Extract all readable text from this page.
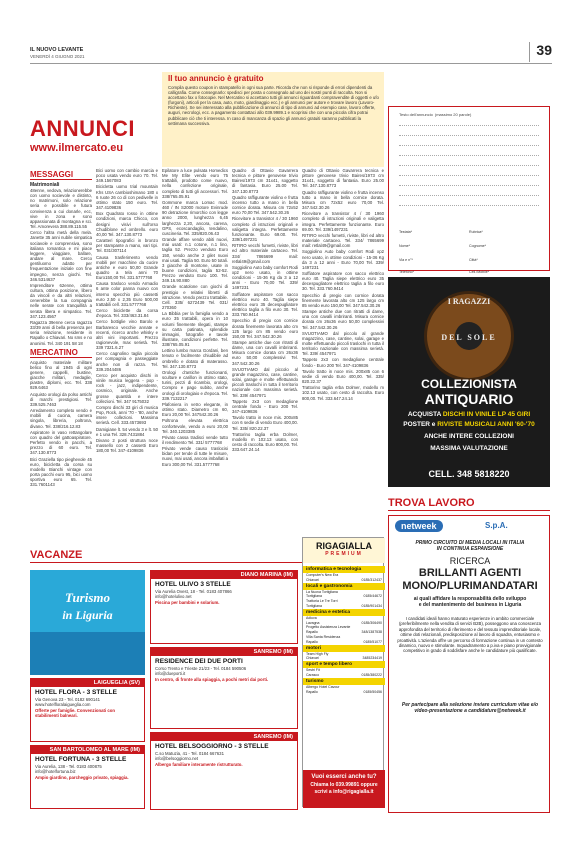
IL NUOVO LEVANTE
VENERDÌ 4 GIUGNO 2021	39
ANNUNCI
www.ilmercato.eu
Il tuo annuncio è gratuito

Compila questo coupon in stampatello in ogni sua parte. Ricorda che non si risponde di errori dipendenti da calligrafia. Come consegnarlo: spedisci per posta o consegnalo ad uno dei nostri punti di raccolta. Non si accettano fax o fotocopie. Nel Mercatino si accettano tutti gli annunci riguardanti compravendite di oggetti e ufo (furgoni), articoli per la casa, auto, moto, giardinaggio ecc.) e gli annunci per autore e trovare lavoro (Lavoro-Richieste). Se sei interessato alla pubblicazione di annunci di tipo di annunci ad esempio case, lavoro offerte, auguri, necrologi, ecc. a pagamento contattaci allo 039.9989.1 e scoprirai che con una piccola cifra potrai pubblicare ciò che ti interessa. In caso di mancanza di spazio gli annunci gratuiti saranno pubblicati la settimana successiva.

Testo dell'annuncio (massimo 20 parole)
Testata*	Rubrica*
Nome*	Cognome*
Via e n°*	Città*
Telefono*	Cell./Mobile*
MESSAGGI
Matrimoniali
48enne, vedova, relazionerebbe con uomo socievole e distinto, no matrimoni, solo relazione seria e possibile e futura convivenza a cui donarle, ecc, vive in zona e sono appassionata di montagna e sci. Tel. Amorevera 388.89.115.55
Cerco l'altra metà della mela. Janette 35 anni nubile simpatica sociavole e comprensiva, sono italiana romantica e mi piace leggere, viaggiare, ballare, andare al mare. Cerco gentiluomo adatto per frequentazione iniziale con fine impegno, senza giochi. Tel. 346.5314637
Imprenditore 62enne, ottima cultura, ottima posizione, libero da vincoli e da altri relazioni, cenerebbe la tua compagnia nelle serate con tranquillità a serata libera e simpatico. Tel. 347.123.4567
Ragazza 39enne cerca ragazza 33/39 anni di bella presenza per seria relazione, residente in Rapallo o Chiavari. No sms e no anonimi. Tel. 340 191 58 18
MERCATINO
Acquisto materiale militare belico fino al 1945 di ogni genere, cappelli, bustine, giacche militari, medaglie, piastre, diplomi, ecc. Tel. 338 929.6463
Acquisto orologi da polso antichi di marchi prestigiosi. Tel. 339.525.7463
Arredamento completo vendo e mobili di cucina, camera singola, libreria, poltrona, divano. Tel. 338/216.12.83
Aspiratore in vaso rettangolare con quadro del gattoaspiratore. Perfetto vendo in pacchi, a prezzo di 60 euro. Tel. 347.130.8773
Bici Graziella tipo pieghevole 45 euro, bicicletta da corsa su modello Bianchi vintage con porta pacchi euro 95, bici uomo sportiva euro 65. Tel. 331.7601143
Bici uomo con cambio marcia e poco usata vendo euro 70. Tel. 349.1567083
Bicicletta uomo trial mountain Khs USA cambioshimano 180 x 6 ruote 26 co di con pedivelle in ottimo stato 150 euro. Tel. 347.4109836
Box Quadrato rosso in ottime condizioni, marca Chicco, con designi visivi sull'orso Chudiblone ed ombrello. euro 40,00 Tel. 347.130.8773
Caratteri tipografici in bronzo per stampante a mano, vari tipi. Tel. 031/307114
Causa trasferimento vendo mobili per macchine da cucire antiche e euro 50,00 Grande quadro a tela anni 70 Euro150,00 Tel. 331.5777768
Causa trasloco vendo Armadio 6 ante color panna nuovo con interno specchio più cassetti euro 2,50 x 2,35 Euro 500,00 trattabili cell. 331.5777768
Cerco biciclette da corsa d'epoca. Tel. 333/463.31.84
Cerco bottiglie vino Barolo e Barbaresco vecchie annate e recenti, ricerco anche whisky e altri vini importanti. Prezzo ragionevole, max serietà. Tel. 339 7321.6.27
Cerco cagnolino taglia piccola per compagnia e passeggiate anche non di razza. Tel. 339.2044486
Cerco per acquisto dischi in vinile musica leggera - pop - rock - jazz, indipendente, cosmico, originale. Anche grosse quantità e intere collezioni. Tel. 347 9175032
Compro dischi 33 giri di musica Pop, Rock, anni '70 - '80, anche intere collezioni. Massima serietà. Cell. 333.4573693
Damigiane lt. 54 vendo 3 e lt. 50 e 1 una Tel. 328.7431884
Divano 2 posti struttura noce massello con 2 cassetti Euro 180,00 Tel. 347-4109836
Epilatore a luce pulsata Homedics Me My Elite vendo euro 75 trattabili, prodotto come nuovo, nella confezione originale, completo di tutti gli accessori. Tel. 338/765.05.91
Gommone marca Lomac mod. 460 / IN S2000 motore Evinrude 90 detrazione rimorchio con legge anno 2000, lunghezza 6,45 larghezza 2,20, ancora, carena, GPS, ecoscandaglio, tendalino, cuscineria. Tel. 335/820.06.43
Grande affare vendo abiti nuovi, mai usati: n.1 cotone, n.1 lino, taglia 52. Prezzo venduto Euro 150, vendo anche 2 gilet nuovi mai usati. Taglia 50. Euro 50 totali. 3 giacche di montone, usate in buone condizioni, taglia 52-52. Prezzo venduto Euro 100. Tel. 349.16.90.880
Grande scatolone con giochi di prestigio e relativi libretti di istruzione. Vendo prezzo trattabile. Cell. 335/ 6272439 Tel. 031/ 270360
La Bibbia per la famiglia vendo a euro 35 trattabili, opera in 10 volumi finemente rilegati, stampe su carta patinata, splendide immagini, fotografie e tavole illustrate, condizioni perfette. Tel. 338/765.05.91
Lettino lumbo marca Gordani, ben tenuto e facilmente chiudibile ad ombrello e dotato di materasso. Tel. 347.130.8773
Orologi d'antiche funzionanti, sculture e carillon in ottimo stato, turini, pezzi di ricambio, orologi, Compro e pago subito, anche orologi di orologiaio e d'epoca. Tel. 339.7132217
Plafoniera in vetro elegante, in ottimo stato. Diametro cm 60, Euro 20,00 Tel. 347542.30.26
Poltrona elevata elettrica confortevole, vendo a euro 20,00 Tel. 340.1203385
Privato cassa tradisci vende tutto il rendimento Tel. 331/ 5777768
Privato vende causo traslocisi bidan per tende di tutte le misure, nuovi, mai usati, ancora imballati a Euro 300,00 Tel. 331.5777768
Quadro di Ottavio Gavarrera tecnica e pittore genovese trivio Baires/1973 cm 31x41, soggetto di fantasia. Euro 25.00 Tel. 347.130.8773
Quadro raffigurante violino e frutta incenso tutto a mano in bella cornice dorata. Misura cm 72x52 euro 70,00 Tel. 347.542.30.26
Ricevitore a transistor 4 / 30 1960 completo di istruzioni originali e valigetta integra. Perfettamente funzionante. Euro 69.00. Tel. 339/1497231
RITIRO vecchi fumetti, riviste, libri ed altro materiale cartaceo. Tel. 334/ 7865699 mail: retlal49@gmail.com
Soggiolino Auto baby comfort Rodi xp2 nero usato, in ottime condizioni - 15-36 Kg da 3 a 12 anni - Euro 70,00 Tel. 339/ 1497231
Soffiatore aspiratore con sacco elettrico euro 40. Taglia siepe elettrico euro 35 decespugliatore elettrico taglia a filo euro 30. Tel. 333.760.9414
Specchio di pregio con cornice dorata finemente lavorata alto cm 125 largo cm 85 vendo euro 150,00 Tel. 347.542.30.26
Stampe antiche due con ritratti di dame, una con cavalli imbriranti. Misura cornice dorata cm 26x36 euro 50,00 complessivi Tel. 347.542.30.26
SVUOTIAMO dal piccolo al grande magazzino, case, cantine, solai, garage e molte effettuando piccoli traslochi in tutta il territorio nazionale con massima serietà. Tel. 339/ 4547971
Tappeto 2x3 con medaglione centrale fondo - Euro 200 Tel. 347-4109836
Tavolo tratto in noce mis. 200x85 con 6 sedie di vendo Euro 400,00. Tel. 335/ 820.22.37
Trattorino taglia erba Dolmer, modello m 102.13 usato, con cesto di raccolta. Euro 800,00. Tel. 333.647.24.14
Quadro di Ottavio Gavarrera tecnica e pittore genovese trivio Baires/1973 cm 31x41, soggetto di fantasia. Euro 25.00 Tel. 347.130.8773
Quadro raffigurante violino e frutta incenso tutto a mano in bella cornice dorata. Misura cm 72x52 euro 70,00 Tel. 347.542.30.26
Ricevitore a transistor 4 / 30 1960 completo di istruzioni originali e valigetta integra. Perfettamente funzionante. Euro 69.00. Tel. 339/1497231
RITIRO vecchi fumetti, riviste, libri ed altro materiale cartaceo. Tel. 334/ 7865699 mail: retlal49@gmail.com
Soggiolino Auto baby comfort Rodi xp2 nero usato, in ottime condizioni - 15-36 Kg da 3 a 12 anni - Euro 70,00 Tel. 339/ 1497231
Soffiatore aspiratore con sacco elettrico euro 40. Taglia siepe elettrico euro 35 decespugliatore elettrico taglia a filo euro 30. Tel. 333.760.9414
Specchio di pregio con cornice dorata finemente lavorata alto cm 125 largo cm 85 vendo euro 150,00 Tel. 347.542.30.26
Stampe antiche due con ritratti di dame, una con cavalli imbriranti. Misura cornice dorata cm 26x36 euro 50,00 complessivi Tel. 347.542.30.26
SVUOTIAMO dal piccolo al grande magazzino, case, cantine, solai, garage e molte effettuando piccoli traslochi in tutta il territorio nazionale con massima serietà. Tel. 339/ 4547971
Tappeto 2x3 con medaglione centrale fondo - Euro 200 Tel. 347-4109836
Tavolo tratto in noce mis. 200x85 con 6 sedie di vendo Euro 400,00. Tel. 335/ 820.22.37
Trattorino taglia erba Dolmer, modello m 102.13 usato, con cesto di raccolta. Euro 800,00. Tel. 333.647.24.14
VACANZE
Turismo
in Liguria
LAIGUEGLIA (SV)
HOTEL FLORA - 3 STELLE
Via Genova 23 - Tel. 0182 690141
www.hotelfloralaigueglia.com
Offerte per famiglie. Convenzionati con stabilimenti balneari.
SAN BARTOLOMEO AL MARE (IM)
HOTEL FORTUNA - 3 STELLE
Via Aurelia, 138 - Tel. 0183 400875
info@hotelfortuna.biz
Ampio giardino, parcheggio privato, spiaggia.
DIANO MARINA (IM)
HOTEL ULIVO 3 STELLE
Via Aurelia Ovest, 18 - Tel. 0183 407866
info@hotelulivo.net
Piscina per bambini e solarium.
SANREMO (IM)
RESIDENCE DEI DUE PORTI
Corso Trento e Trieste 21/23 - Tel. 0184 590506
info@dueporti.it
In centro, di fronte alla spiaggia, a pochi metri dai porti.
SANREMO (IM)
HOTEL BELSOGGIORNO - 3 STELLE
C.so Matuzia, 41 - Tel. 0184 667631
info@belsoggiorno.net
Albergo familiare interamente ristrutturato.
RIGAGIALLA
PREMIUM
informatica e tecnologia
Computer's New Era
Chiavari	0185/312437
locali e gastronomia
La Nuova Tortigliana
Tortigliana	0185/44672
Trattoria Le Tre Torri
Tortigliana	0185/901434
medicina e estetica
Adiuva
Lavagna	0185/306490
Progetto Assistenza Levante
Rapallo	348/1387538
Villa Santa Residenza
Rapallo	0185/51077
motori
Team High Fly
Chiavari	3485234419
sport e tempo libero
Sestri Fit
Carasco	0185/380222
turismo
Albergo Hotel Cavour
Rapallo	0185/50456
Vuoi esserci anche tu?
Chiama lo 039.99891 oppure
scrivi a info@rigagialla.it
I RAGAZZI
DEL SOLE
COLLEZIONISTA
ANTIQUARIO
ACQUISTA DISCHI IN VINILE LP 45 GIRI
POSTER e RIVISTE MUSICALI ANNI '60-'70
ANCHE INTERE COLLEZIONI
MASSIMA VALUTAZIONE
CELL. 348 5818220
TROVA LAVORO
netweek	S.p.A.
PRIMO CIRCUITO DI MEDIA LOCALI IN ITALIA
IN CONTINUA ESPANSIONE
RICERCA
BRILLANTI AGENTI
MONO/PLURIMANDATARI
ai quali affidare la responsabilità dello sviluppo
e del mantenimento del business in Liguria
I candidati ideali hanno maturato esperienze in ambito commerciale (preferibilmente nella vendita di servizi B2B), posseggono una conoscenza approfondita del territorio di riferimento e del tessuto imprenditoriale locale, ottime doti relazionali, predisposizione al lavoro di squadra, entusiasmo e proattività. L'azienda offre un percorso di formazione continua in un contesto dinamico, nuovo e stimolante. Inquadramento a p.iva e piano provvigionale competitivo in grado di soddisfare anche le candidature più qualificate.
Per partecipare alla selezione inviare curriculum vitae e/o video-presentazione a candidature@netweek.it
